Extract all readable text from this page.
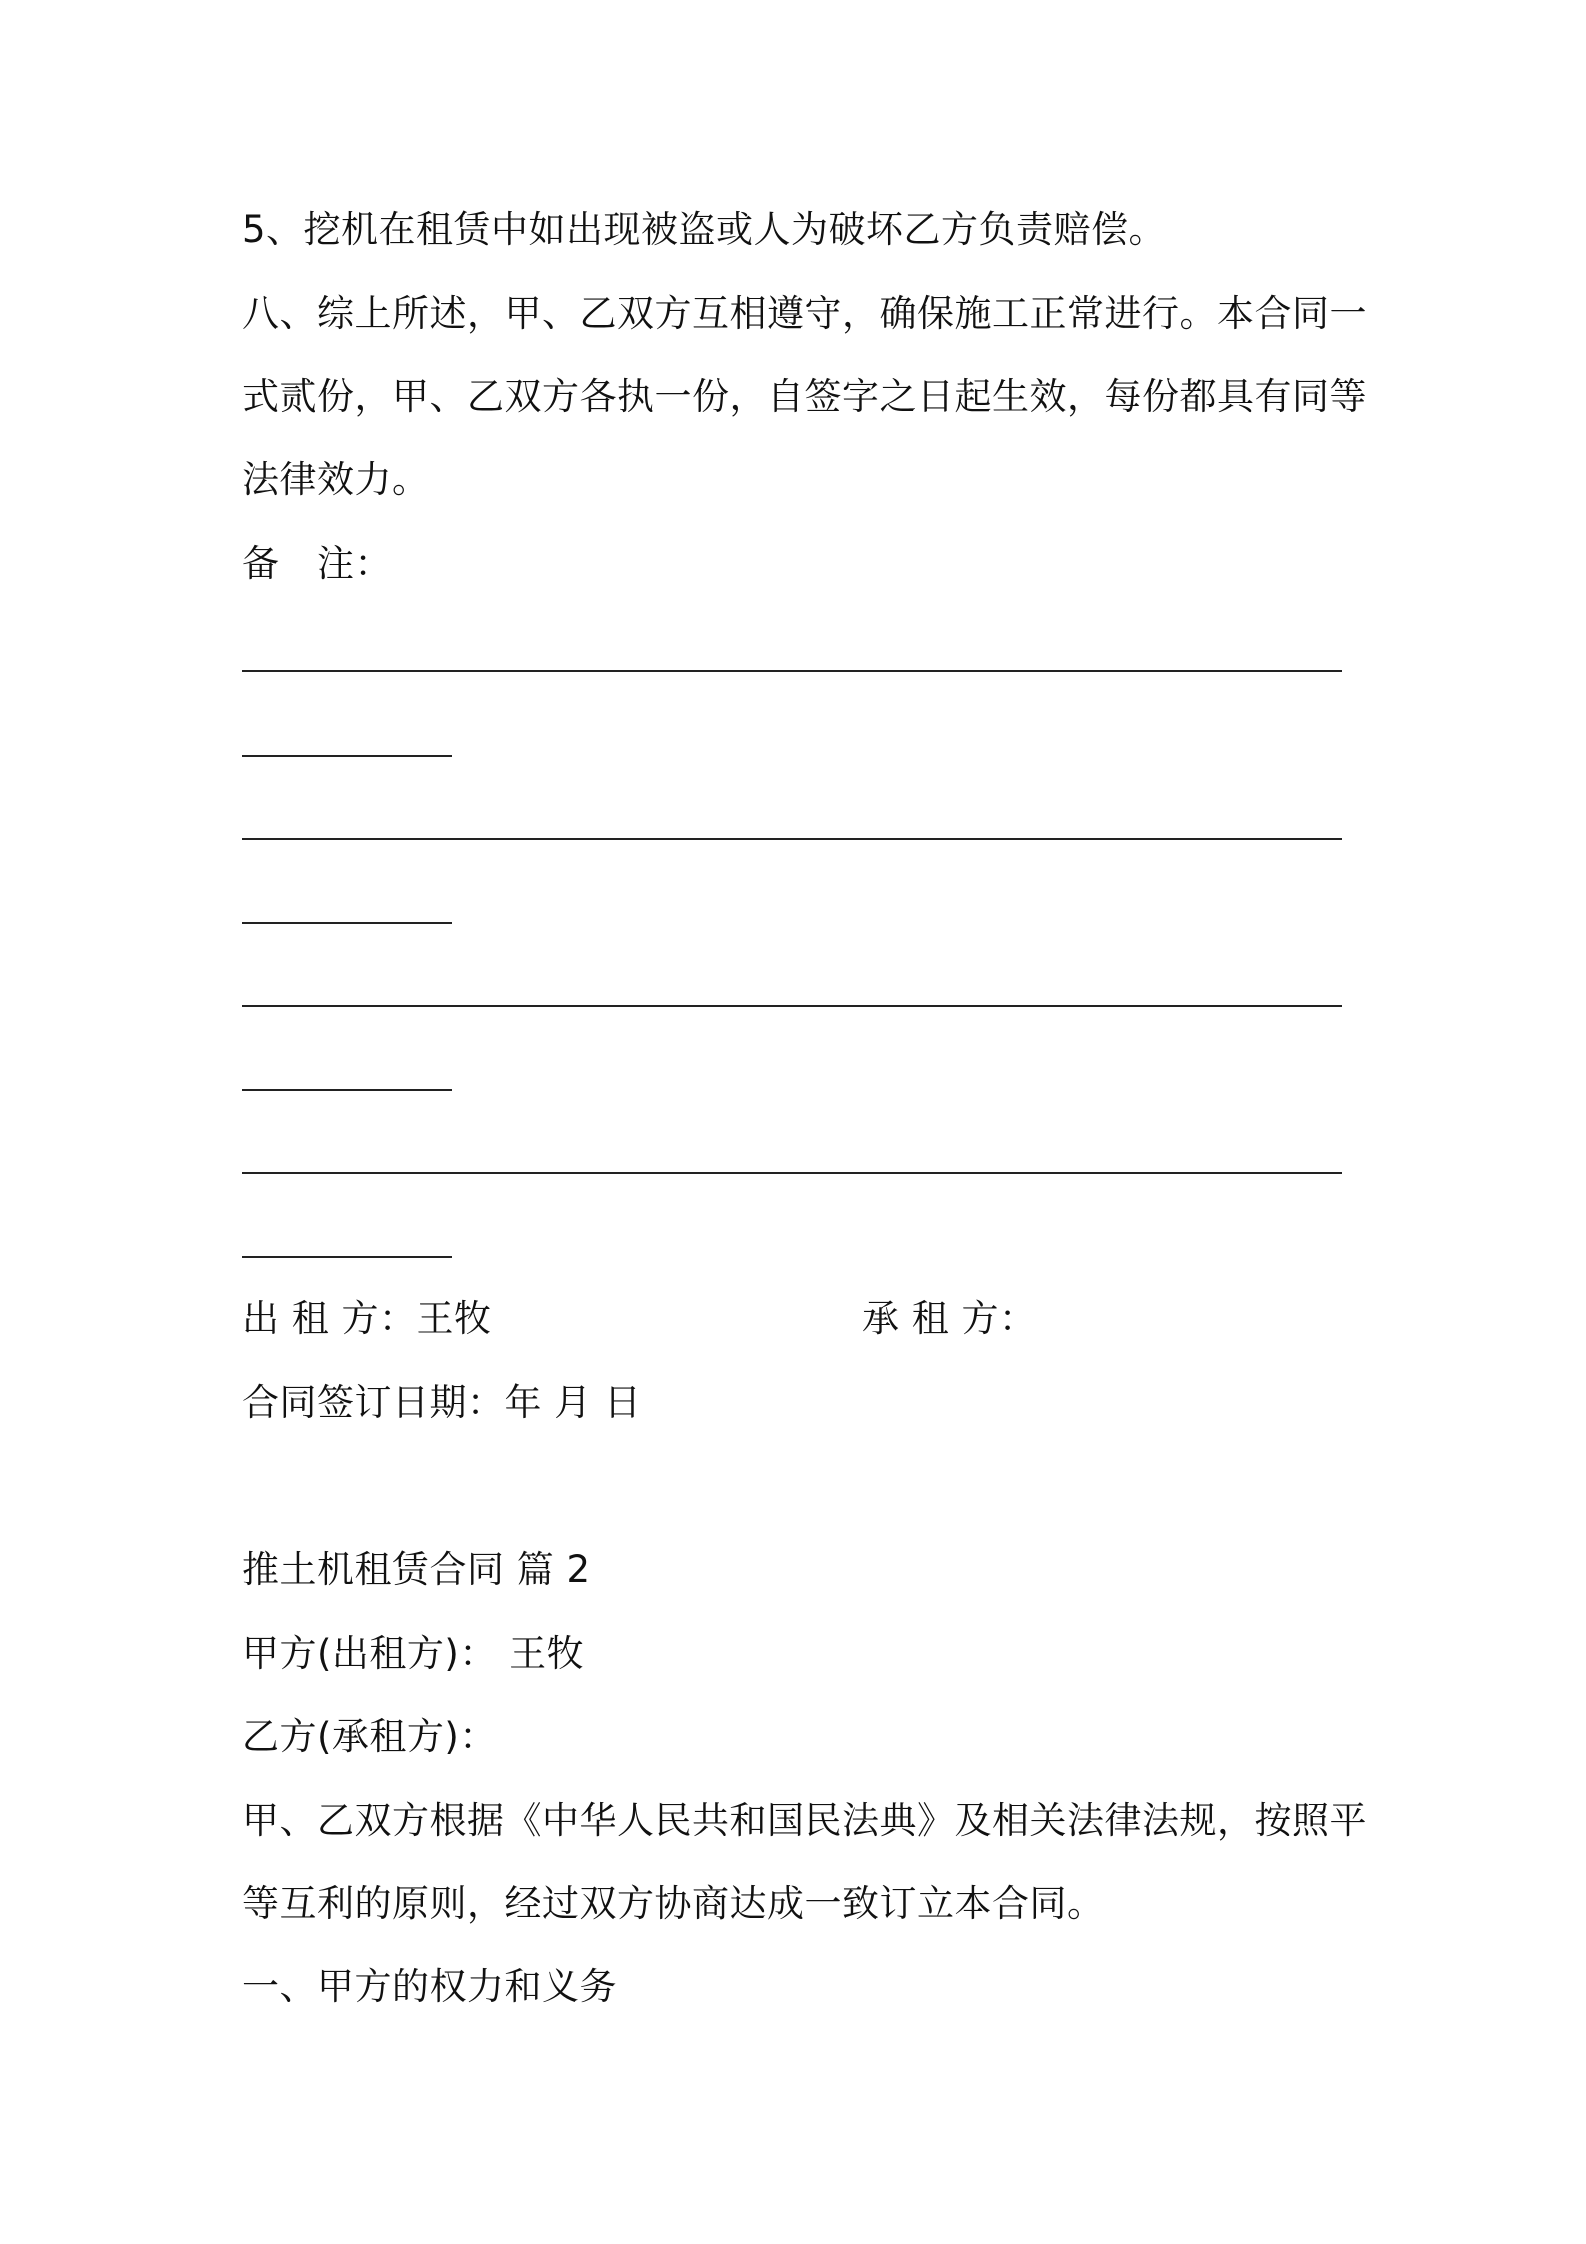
5、挖机在租赁中如出现被盗或人为破坏乙方负责赔偿。
八、综上所述，甲、乙双方互相遵守，确保施工正常进行。本合同一
式贰份，甲、乙双方各执一份，自签字之日起生效，每份都具有同等
法律效力。
备　注：
出 租 方：王牧	承 租 方：
合同签订日期：年 月 日
推土机租赁合同 篇 2
甲方(出租方)： 王牧
乙方(承租方)：
甲、乙双方根据《中华人民共和国民法典》及相关法律法规，按照平
等互利的原则，经过双方协商达成一致订立本合同。
一、甲方的权力和义务
